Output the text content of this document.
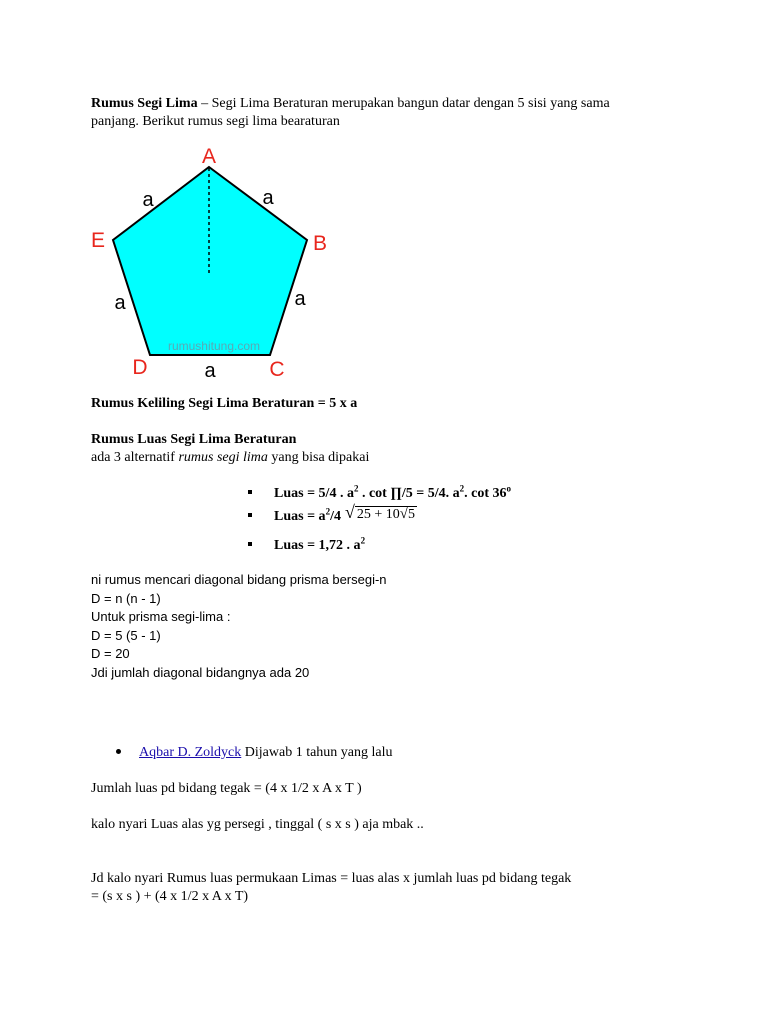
Rumus Segi Lima – Segi Lima Beraturan merupakan bangun datar dengan 5 sisi yang sama
panjang. Berikut rumus segi lima bearaturan
rumushitung.com
A
B
C
D
E
a	a
a
a
a
Rumus Keliling Segi Lima Beraturan = 5 x a
Rumus Luas Segi Lima Beraturan
ada 3 alternatif rumus segi lima yang bisa dipakai
Luas = 5/4 . $a^2$ . cot ∏/5 = 5/4. $a^2$. cot 36$^o$
Luas = $a^2/4$ √ 25 + 10√5
Luas = 1,72 . $a^2$
ni rumus mencari diagonal bidang prisma bersegi-n
D = n (n - 1)
Untuk prisma segi-lima :
D = 5 (5 - 1)
D = 20
Jdi jumlah diagonal bidangnya ada 20
Aqbar D. Zoldyck Dijawab 1 tahun yang lalu
Jumlah luas pd bidang tegak = (4 x 1/2 x A x T )
kalo nyari Luas alas yg persegi , tinggal ( s x s ) aja mbak ..
Jd kalo nyari Rumus luas permukaan Limas = luas alas x jumlah luas pd bidang tegak
= (s x s ) + (4 x 1/2 x A x T)
